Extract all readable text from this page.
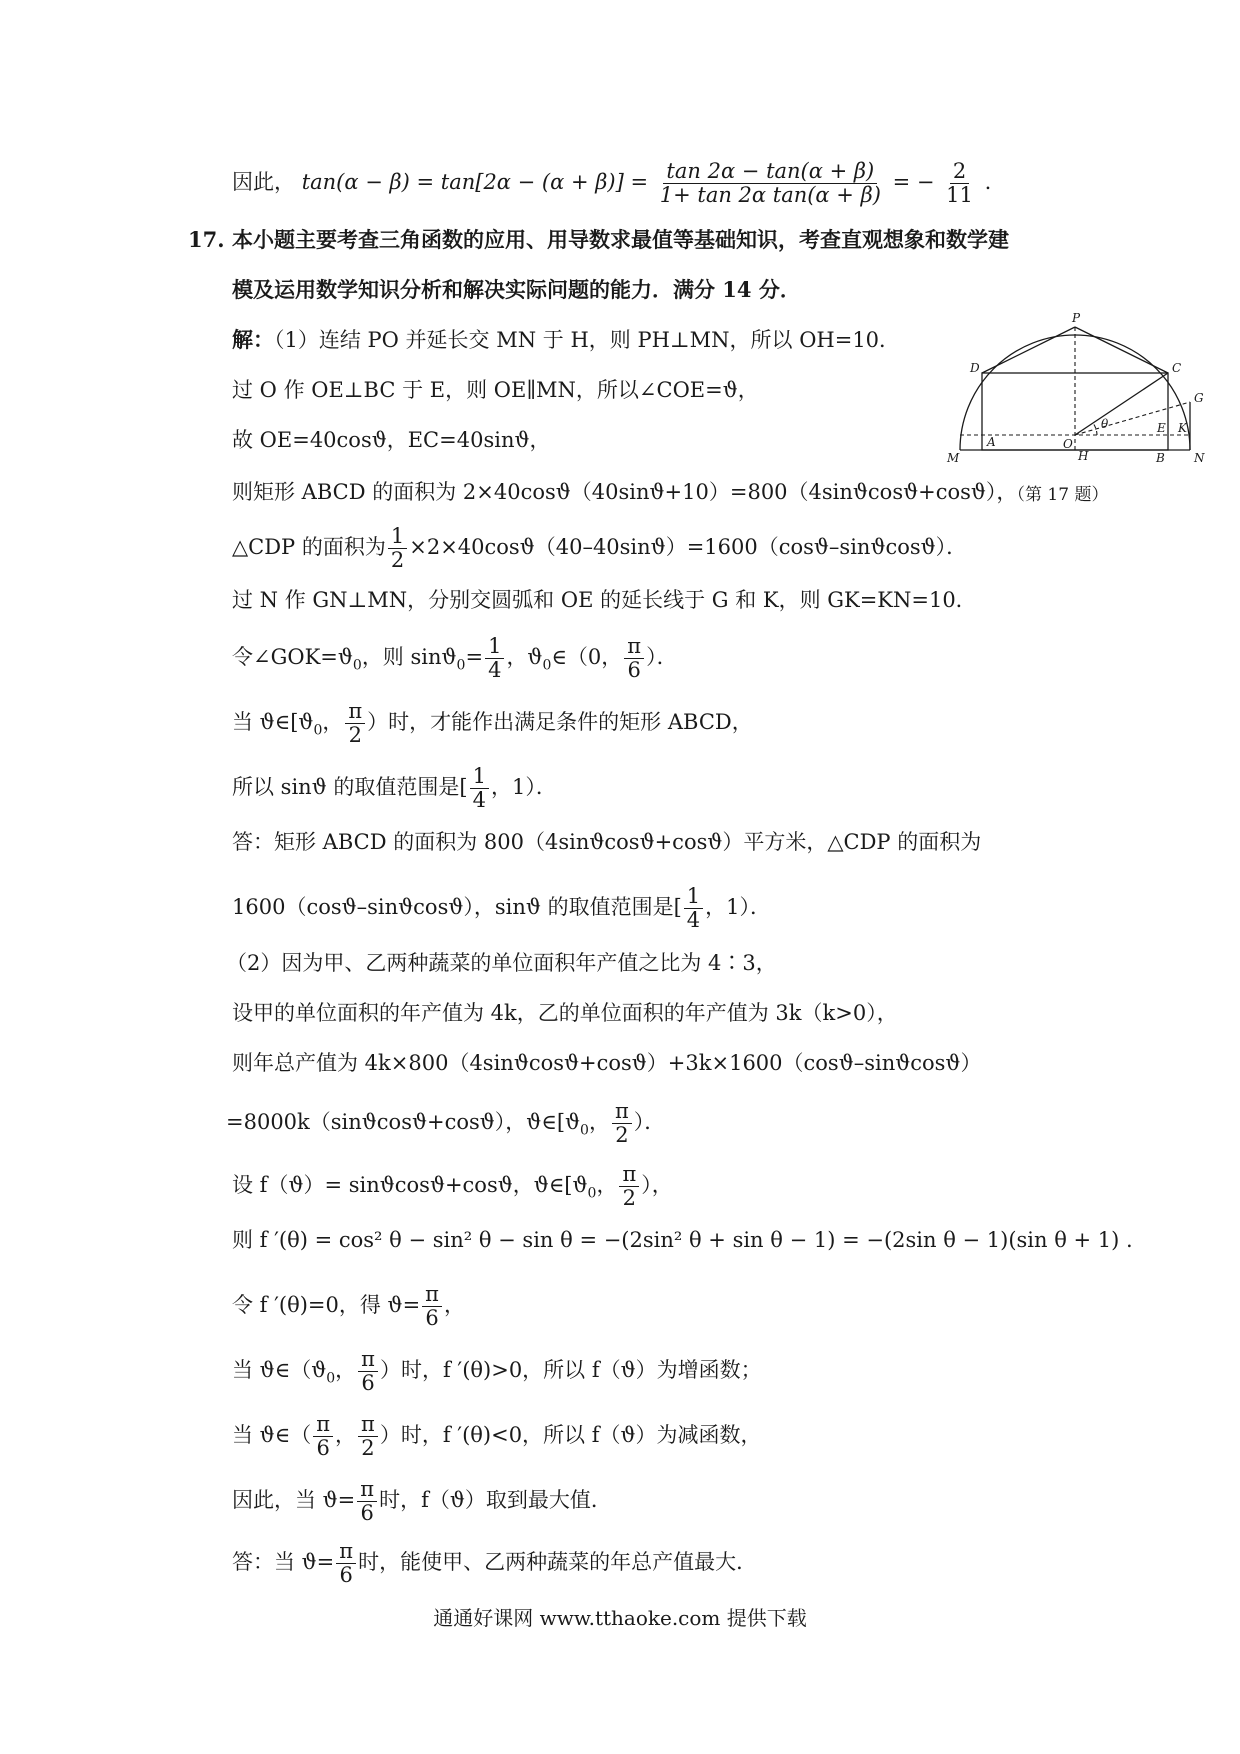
因此， $\tan(\alpha - \beta) = \tan[2\alpha - (\alpha + \beta)] = \frac{\tan 2\alpha - \tan(\alpha + \beta)}{\text{1+ tan 2α tan(α + β)}}$ = − $\frac{2}{11}$ .
17. 本小题主要考查三角函数的应用、用导数求最值等基础知识，考查直观想象和数学建
模及运用数学知识分析和解决实际问题的能力．满分 14 分．
解：（1）连结 PO 并延长交 MN 于 H，则 PH⊥MN，所以 OH=10．
过 O 作 OE⊥BC 于 E，则 OE∥MN，所以∠COE=ϑ，
故 OE=40cosϑ，EC=40sinϑ，
则矩形 ABCD 的面积为 2×40cosϑ（40sinϑ+10）=800（4sinϑcosϑ+cosϑ），
△CDP 的面积为 $\frac{1}{2} \times 2\times 40\cos ϑ(40-40\sin ϑ)=1600(\cos ϑ-\sin ϑ\cos ϑ)$．
过 N 作 GN⊥MN，分别交圆弧和 OE 的延长线于 G 和 K，则 GK=KN=10．
令$\angle GOK=ϑ_0$，则 $\sin ϑ_0= \frac{1}{4}$ ，$ϑ_0\in(0$， $\frac{\pi}{6}$ ）．
当 $ϑ\in[ϑ_0$， $\frac{\pi}{2}$ ）时，才能作出满足条件的矩形 ABCD，
所以 sinϑ 的取值范围是[ $\frac{1}{4}$ ，1）．
答：矩形 ABCD 的面积为 800（4sinϑcosϑ+cosϑ）平方米，△CDP 的面积为
1600（cosϑ–sinϑcosϑ），sinϑ 的取值范围是[ $\frac{1}{4}$ ，1）．
（2）因为甲、乙两种蔬菜的单位面积年产值之比为 4∶3，
设甲的单位面积的年产值为 4k，乙的单位面积的年产值为 3k（k>0），
则年总产值为 4k×800（4sinϑcosϑ+cosϑ）+3k×1600（cosϑ–sinϑcosϑ）
=8000k（sinϑcosϑ+cosϑ），$ϑ\in[ϑ_0$， $\frac{\pi}{2}$ ）．
设 f（ϑ）= sinϑcosϑ+cosϑ，$ϑ\in[ϑ_0$， $\frac{\pi}{2}$ ），
则 f ′(θ) = cos² θ − sin² θ − sin θ = −(2sin² θ + sin θ − 1) = −(2sin θ − 1)(sin θ + 1) .
令 f ′(θ)=0，得 $ϑ= \frac{\pi}{6}$ ，
当 $ϑ\in(ϑ_0$， $\frac{\pi}{6}$ ）时，f ′(θ)>0，所以 f（ϑ）为增函数；
当 ϑ∈（ $\frac{\pi}{6}$ ， $\frac{\pi}{2}$ ）时，f ′(θ)<0，所以 f（ϑ）为减函数，
因此，当 $ϑ= \frac{\pi}{6}$ 时，f（ϑ）取到最大值．
答：当 $ϑ= \frac{\pi}{6}$ 时，能使甲、乙两种蔬菜的年总产值最大．
P
D	C
G
θ	E K
M
A	O
H	B N
（第 17 题）
通通好课网 www.tthaoke.com 提供下载
